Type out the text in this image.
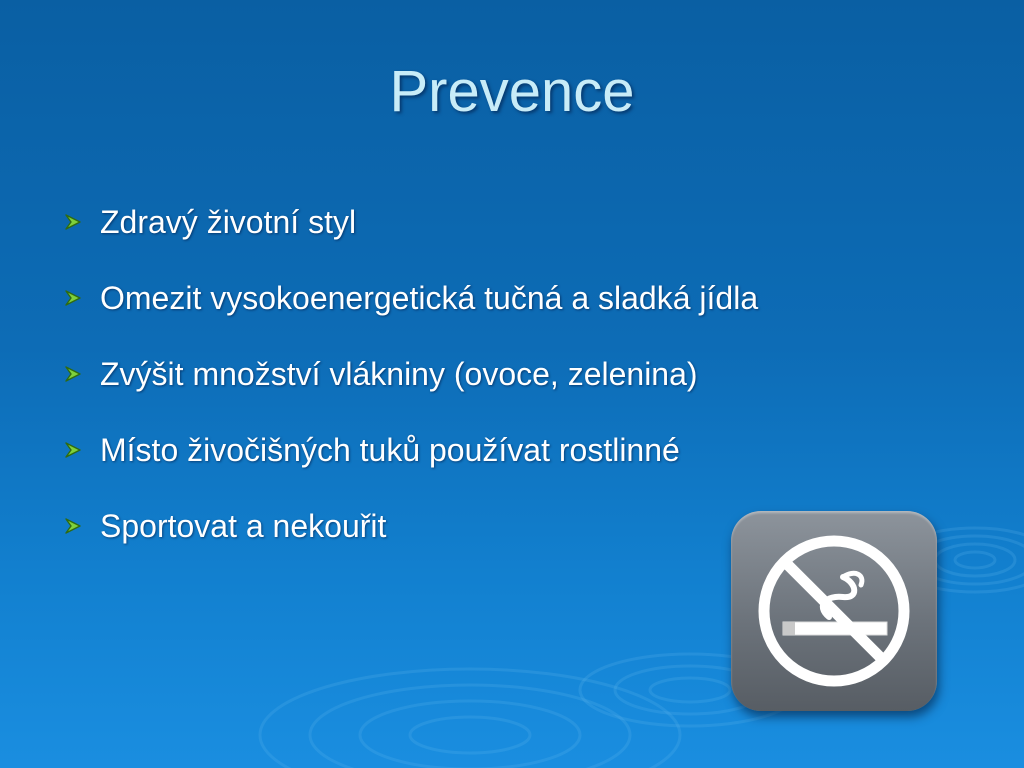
Prevence
Zdravý životní styl
Omezit vysokoenergetická tučná a sladká jídla
Zvýšit množství vlákniny (ovoce, zelenina)
Místo živočišných tuků používat rostlinné
Sportovat a nekouřit
